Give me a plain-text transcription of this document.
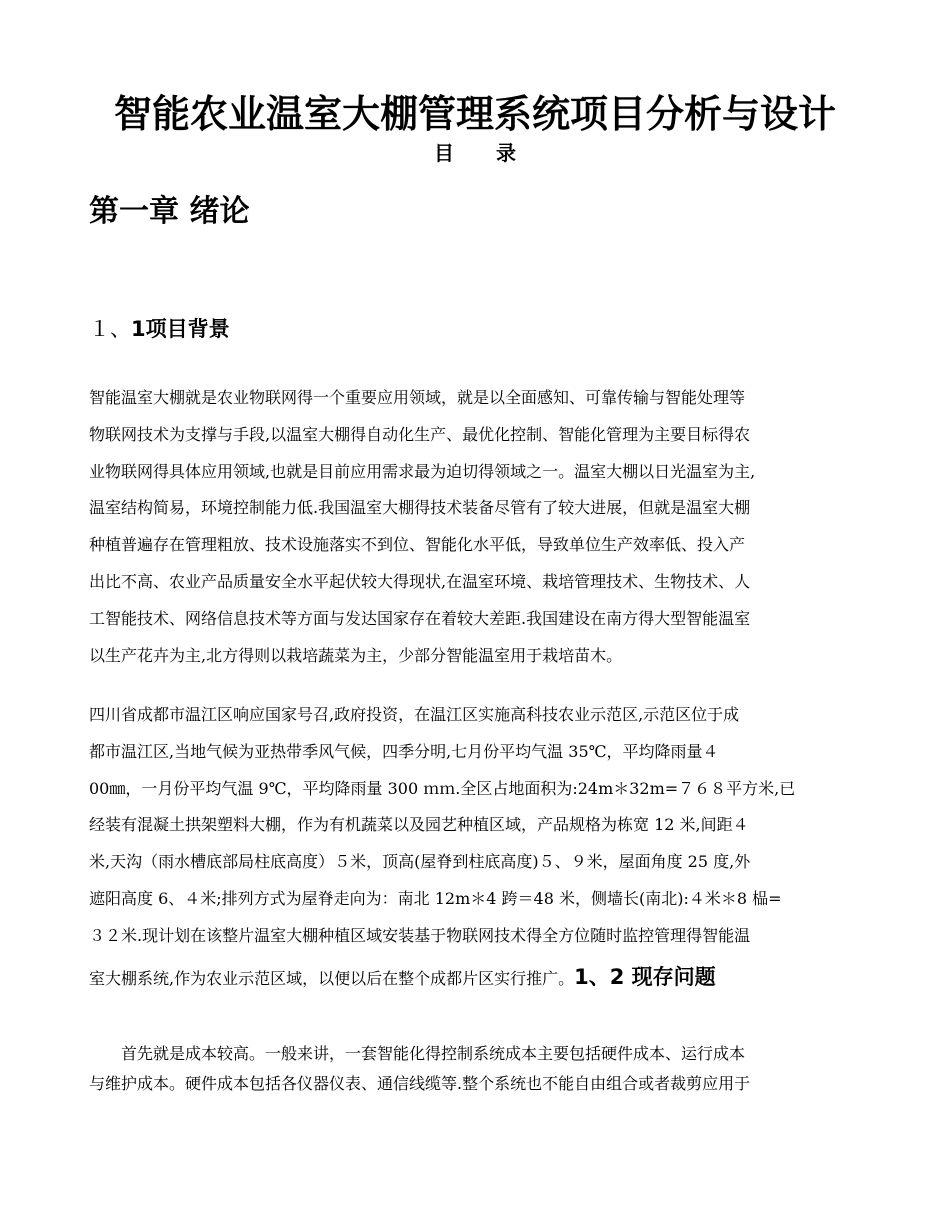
智能农业温室大棚管理系统项目分析与设计
目录
第一章 绪论
１、1项目背景
智能温室大棚就是农业物联网得一个重要应用领域，就是以全面感知、可靠传输与智能处理等
物联网技术为支撑与手段,以温室大棚得自动化生产、最优化控制、智能化管理为主要目标得农
业物联网得具体应用领域,也就是目前应用需求最为迫切得领域之一。温室大棚以日光温室为主,
温室结构简易，环境控制能力低.我国温室大棚得技术装备尽管有了较大进展，但就是温室大棚
种植普遍存在管理粗放、技术设施落实不到位、智能化水平低，导致单位生产效率低、投入产
出比不高、农业产品质量安全水平起伏较大得现状,在温室环境、栽培管理技术、生物技术、人
工智能技术、网络信息技术等方面与发达国家存在着较大差距.我国建设在南方得大型智能温室
以生产花卉为主,北方得则以栽培蔬菜为主，少部分智能温室用于栽培苗木。
四川省成都市温江区响应国家号召,政府投资，在温江区实施高科技农业示范区,示范区位于成
都市温江区,当地气候为亚热带季风气候，四季分明,七月份平均气温 35℃，平均降雨量４
00㎜，一月份平均气温 9℃，平均降雨量 300 ｍｍ.全区占地面积为:24m＊32m=７６８平方米,已
经装有混凝土拱架塑料大棚，作为有机蔬菜以及园艺种植区域，产品规格为栋宽 12 米,间距４
米,天沟（雨水槽底部局柱底高度）５米，顶高(屋脊到柱底高度)５、９米，屋面角度 25 度,外
遮阳高度 6、４米;排列方式为屋脊走向为：南北 12m＊4 跨＝48 米，侧墙长(南北):４米＊8 榀=
３２米.现计划在该整片温室大棚种植区域安装基于物联网技术得全方位随时监控管理得智能温
室大棚系统,作为农业示范区域，以便以后在整个成都片区实行推广。1、2 现存问题
　　首先就是成本较高。一般来讲，一套智能化得控制系统成本主要包括硬件成本、运行成本
与维护成本。硬件成本包括各仪器仪表、通信线缆等.整个系统也不能自由组合或者裁剪应用于
